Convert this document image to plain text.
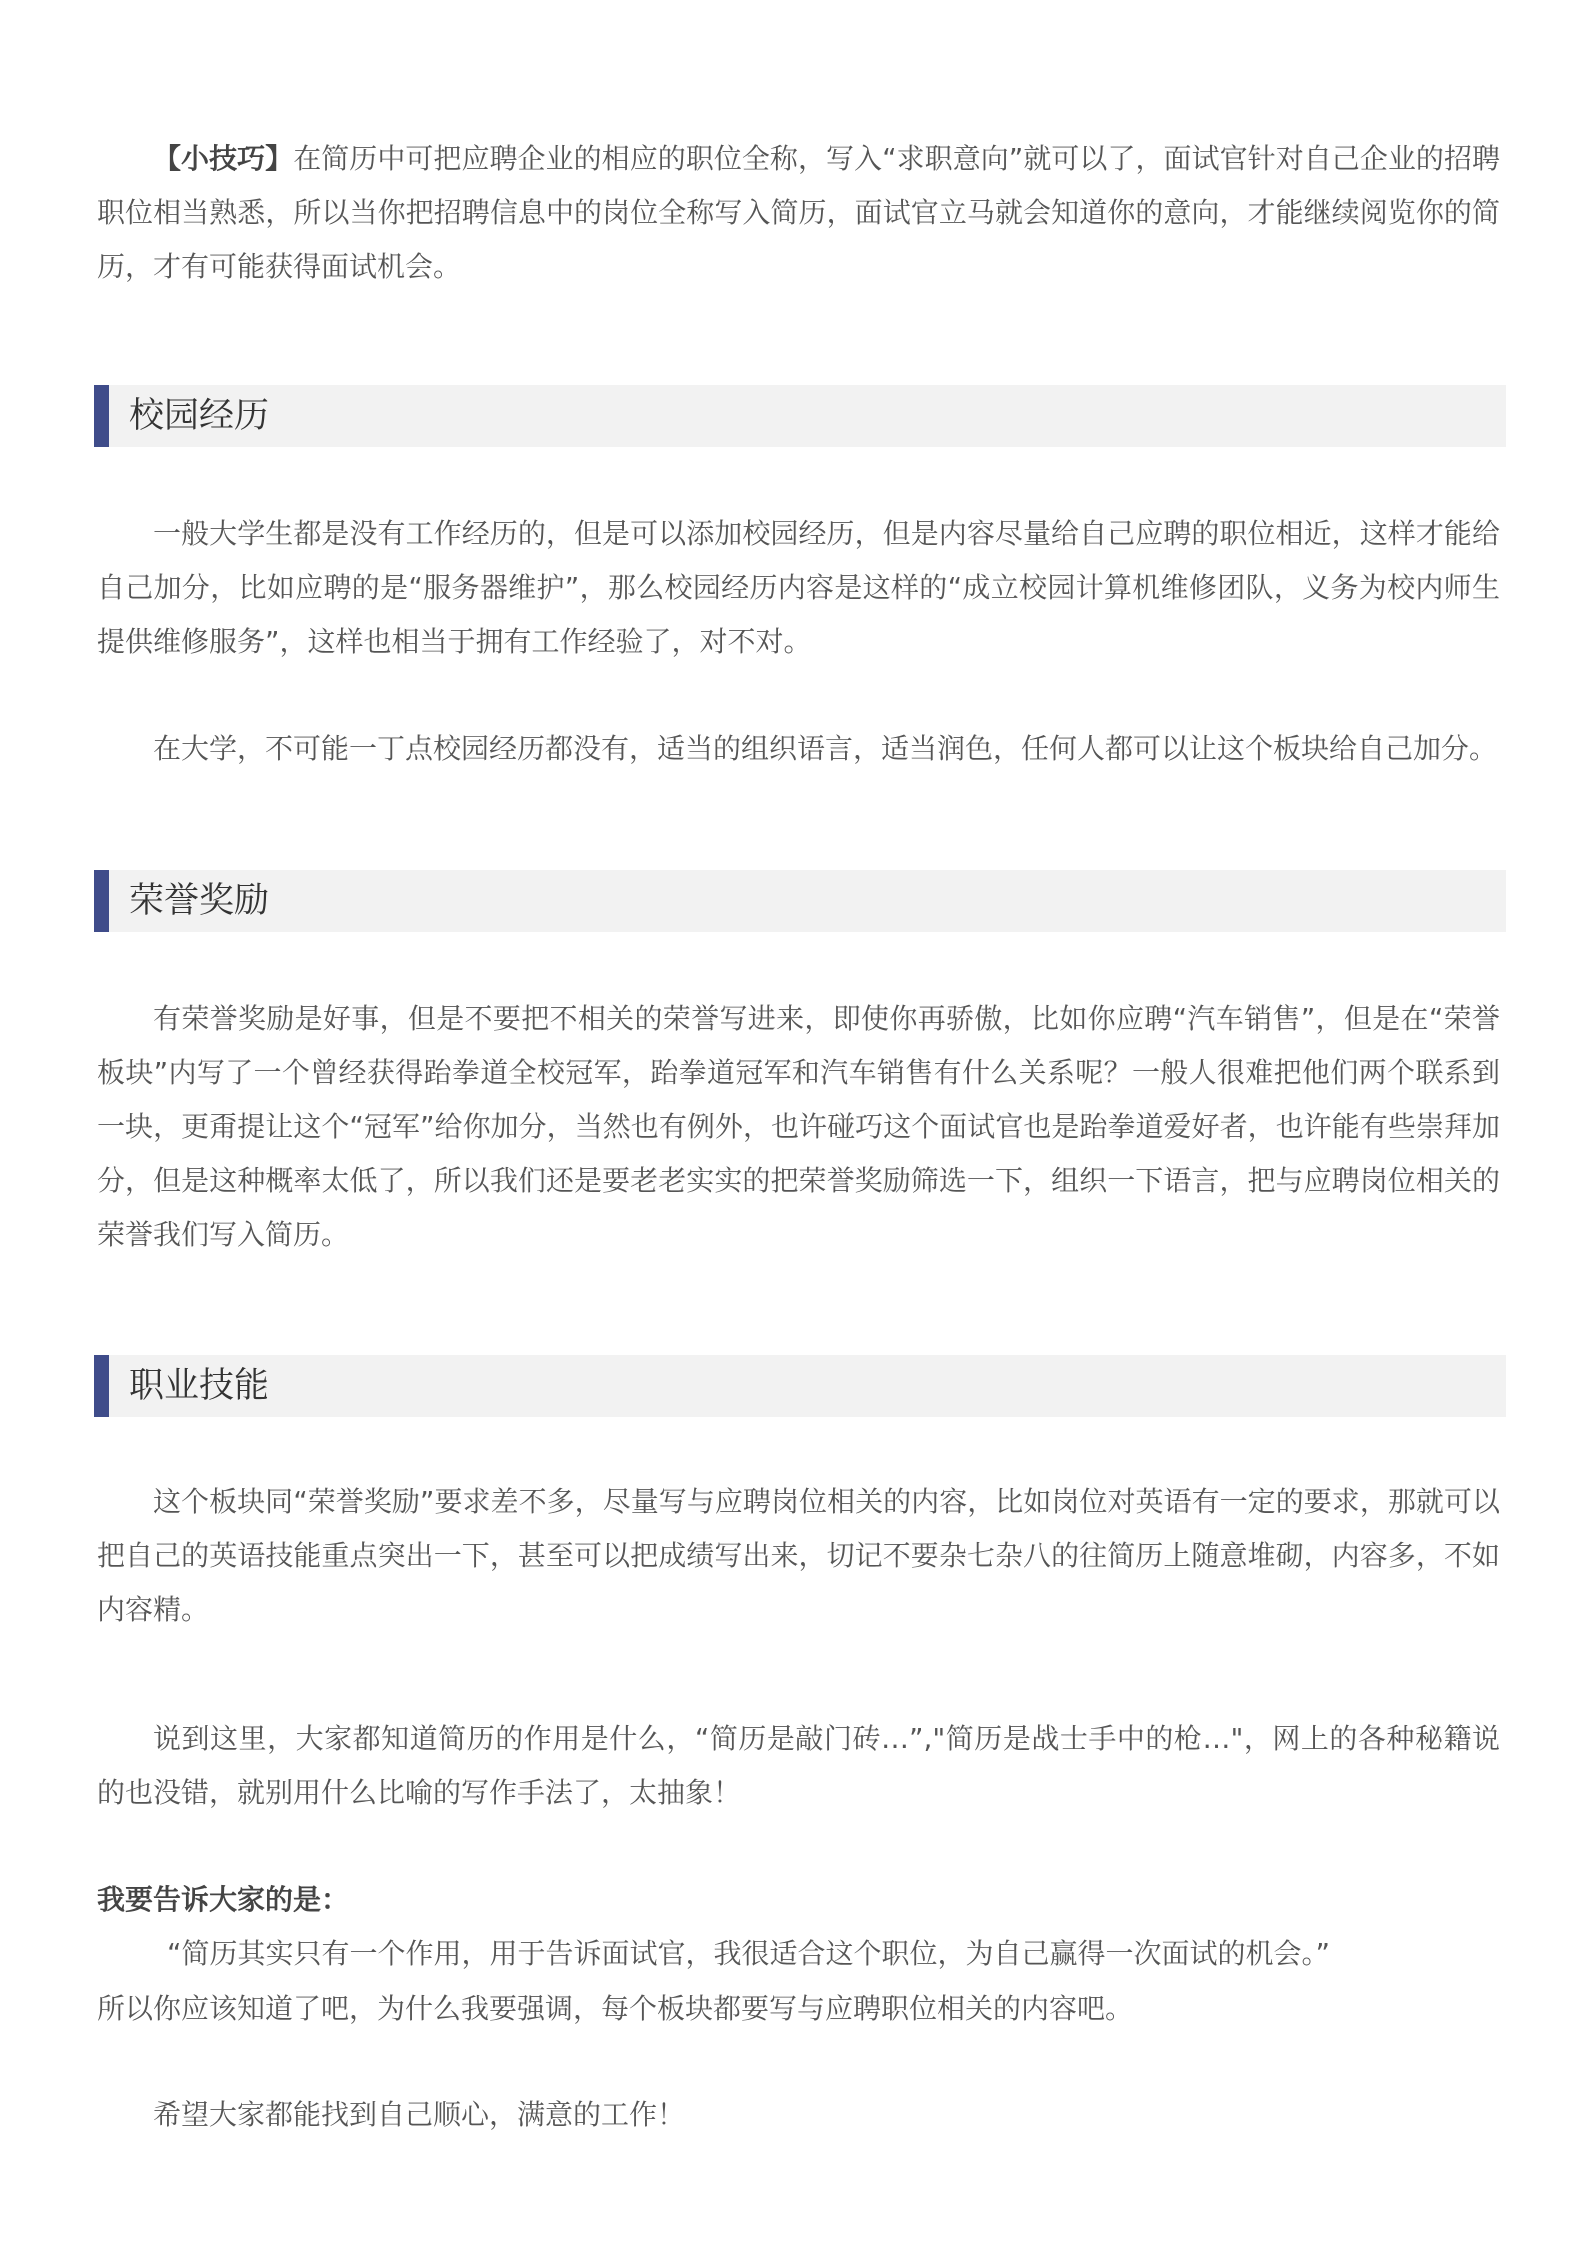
【小技巧】在简历中可把应聘企业的相应的职位全称，写入“求职意向”就可以了，面试官针对自己企业的招聘职位相当熟悉，所以当你把招聘信息中的岗位全称写入简历，面试官立马就会知道你的意向，才能继续阅览你的简历，才有可能获得面试机会。

校园经历

一般大学生都是没有工作经历的，但是可以添加校园经历，但是内容尽量给自己应聘的职位相近，这样才能给自己加分，比如应聘的是“服务器维护”，那么校园经历内容是这样的“成立校园计算机维修团队，义务为校内师生提供维修服务”，这样也相当于拥有工作经验了，对不对。

在大学，不可能一丁点校园经历都没有，适当的组织语言，适当润色，任何人都可以让这个板块给自己加分。

荣誉奖励

有荣誉奖励是好事，但是不要把不相关的荣誉写进来，即使你再骄傲，比如你应聘“汽车销售”，但是在“荣誉板块”内写了一个曾经获得跆拳道全校冠军，跆拳道冠军和汽车销售有什么关系呢？一般人很难把他们两个联系到一块，更甭提让这个“冠军”给你加分，当然也有例外，也许碰巧这个面试官也是跆拳道爱好者，也许能有些崇拜加分，但是这种概率太低了，所以我们还是要老老实实的把荣誉奖励筛选一下，组织一下语言，把与应聘岗位相关的荣誉我们写入简历。

职业技能

这个板块同“荣誉奖励”要求差不多，尽量写与应聘岗位相关的内容，比如岗位对英语有一定的要求，那就可以把自己的英语技能重点突出一下，甚至可以把成绩写出来，切记不要杂七杂八的往简历上随意堆砌，内容多，不如内容精。

说到这里，大家都知道简历的作用是什么，“简历是敲门砖…”,"简历是战士手中的枪…"，网上的各种秘籍说的也没错，就别用什么比喻的写作手法了，太抽象！

我要告诉大家的是：

“简历其实只有一个作用，用于告诉面试官，我很适合这个职位，为自己赢得一次面试的机会。”

所以你应该知道了吧，为什么我要强调，每个板块都要写与应聘职位相关的内容吧。

希望大家都能找到自己顺心，满意的工作！
